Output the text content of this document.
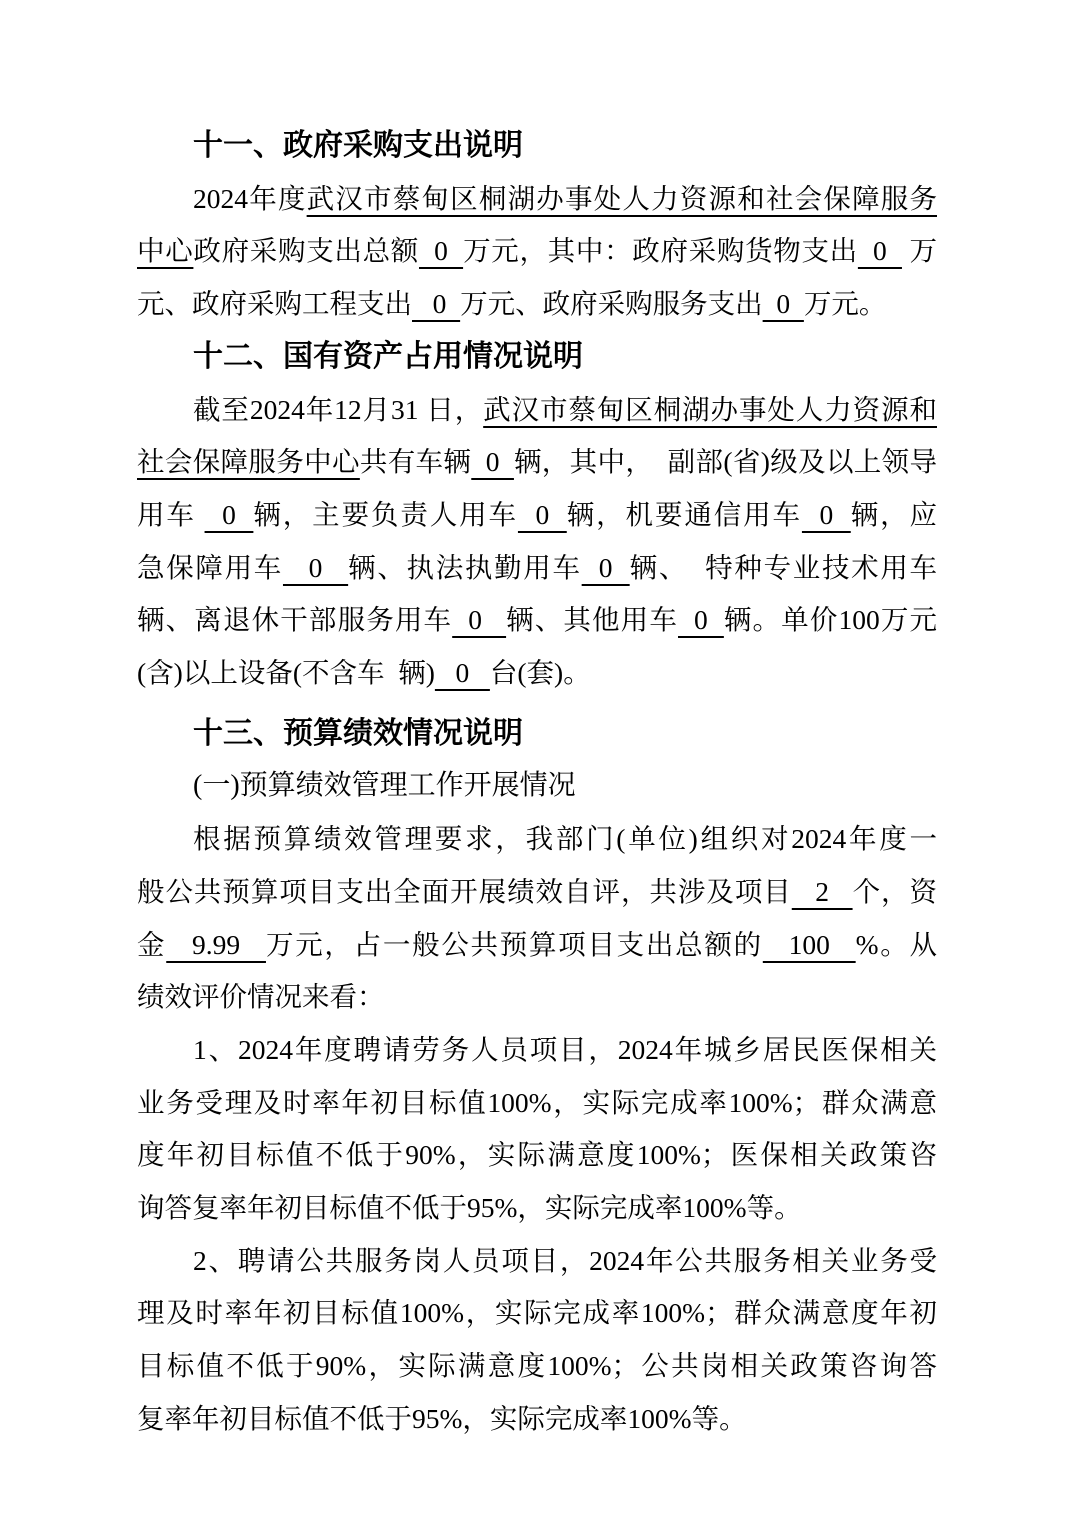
十一、政府采购支出说明
2024年度武汉市蔡甸区桐湖办事处人力资源和社会保障服务
中心政府采购支出总额  0  万元，其中：政府采购货物支出  0   万
元、政府采购工程支出   0  万元、政府采购服务支出  0  万元。
十二、国有资产占用情况说明
截至2024年12月31 日，武汉市蔡甸区桐湖办事处人力资源和
社会保障服务中心共有车辆  0  辆，其中，  副部(省)级及以上领导
用车   0  辆，主要负责人用车  0  辆，机要通信用车  0  辆，应
急保障用车   0   辆、执法执勤用车  0  辆、  特种专业技术用车
辆、离退休干部服务用车  0   辆、其他用车  0  辆。单价100万元
(含)以上设备(不含车  辆)   0   台(套)。
十三、预算绩效情况说明
(一)预算绩效管理工作开展情况
根据预算绩效管理要求，我部门(单位)组织对2024年度一
般公共预算项目支出全面开展绩效自评，共涉及项目   2   个，资
金   9.99   万元，占一般公共预算项目支出总额的   100   %。从
绩效评价情况来看：
1、2024年度聘请劳务人员项目，2024年城乡居民医保相关
业务受理及时率年初目标值100%，实际完成率100%；群众满意
度年初目标值不低于90%，实际满意度100%；医保相关政策咨
询答复率年初目标值不低于95%，实际完成率100%等。
2、聘请公共服务岗人员项目，2024年公共服务相关业务受
理及时率年初目标值100%，实际完成率100%；群众满意度年初
目标值不低于90%，实际满意度100%；公共岗相关政策咨询答
复率年初目标值不低于95%，实际完成率100%等。
